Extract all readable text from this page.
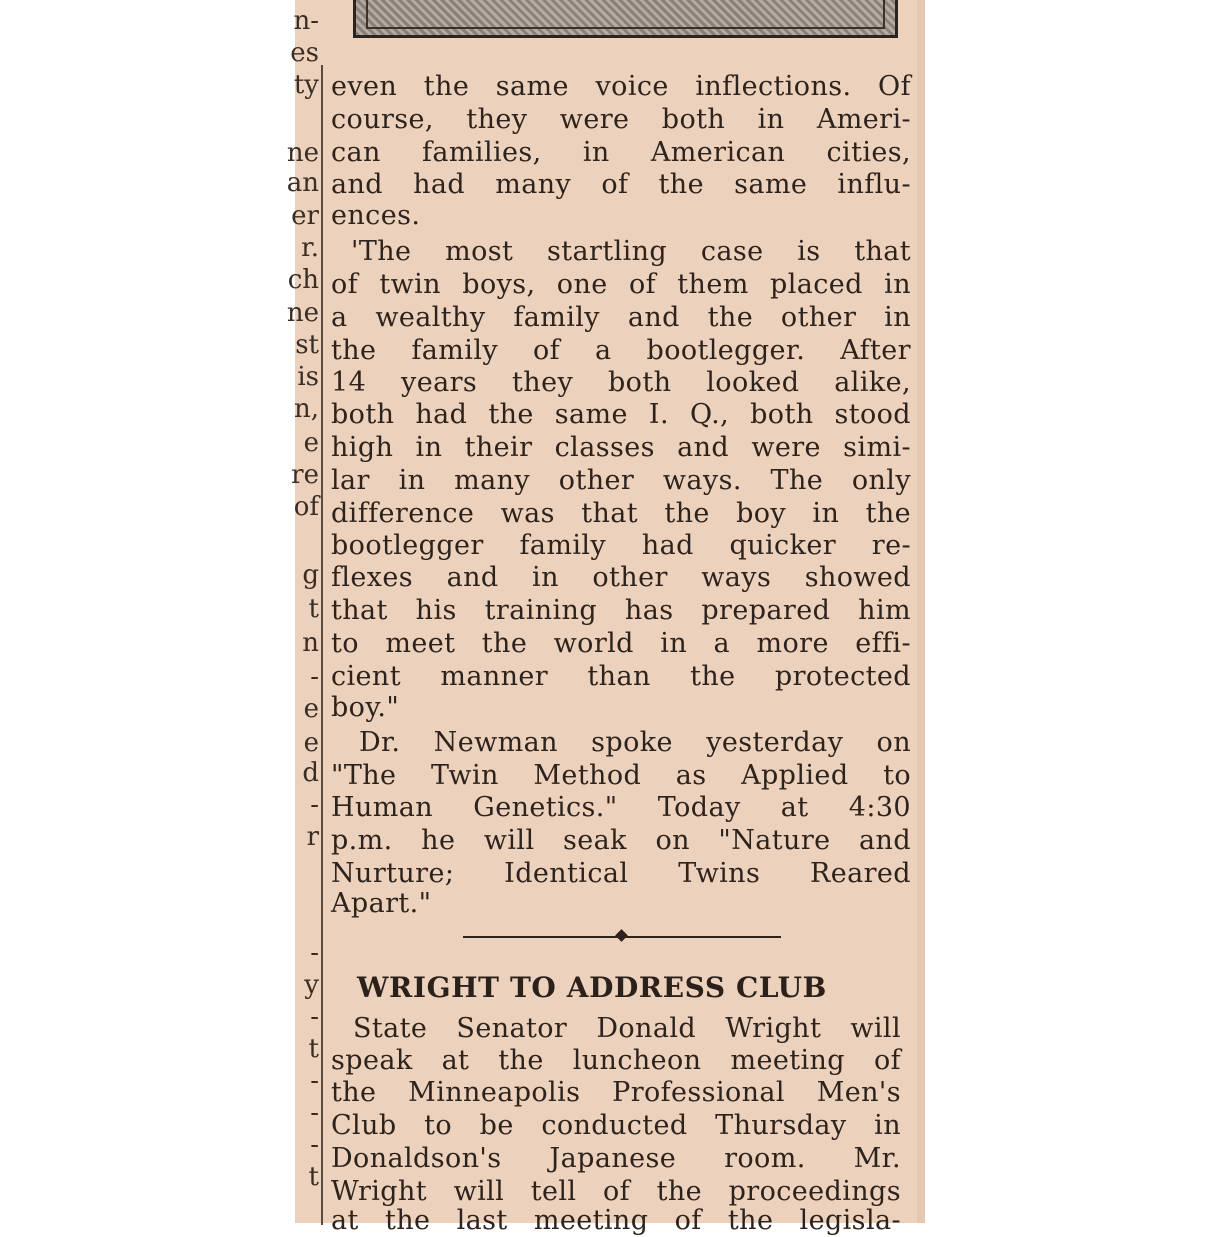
n-
es
ty
ne
an
er
r.
ch
ne
st
is
n,
e
re
of
g
t
n
-
e
e
d
-
r
-
y
-
t
-
-
-
t
even the same voice inflections. Of
course, they were both in Ameri-
can families, in American cities,
and had many of the same influ-
ences.
'The most startling case is that
of twin boys, one of them placed in
a wealthy family and the other in
the family of a bootlegger. After
14 years they both looked alike,
both had the same I. Q., both stood
high in their classes and were simi-
lar in many other ways. The only
difference was that the boy in the
bootlegger family had quicker re-
flexes and in other ways showed
that his training has prepared him
to meet the world in a more effi-
cient manner than the protected
boy."
Dr. Newman spoke yesterday on
"The Twin Method as Applied to
Human Genetics." Today at 4:30
p.m. he will seak on "Nature and
Nurture; Identical Twins Reared
Apart."
State Senator Donald Wright will
speak at the luncheon meeting of
the Minneapolis Professional Men's
Club to be conducted Thursday in
Donaldson's Japanese room. Mr.
Wright will tell of the proceedings
at the last meeting of the legisla-
WRIGHT TO ADDRESS CLUB
